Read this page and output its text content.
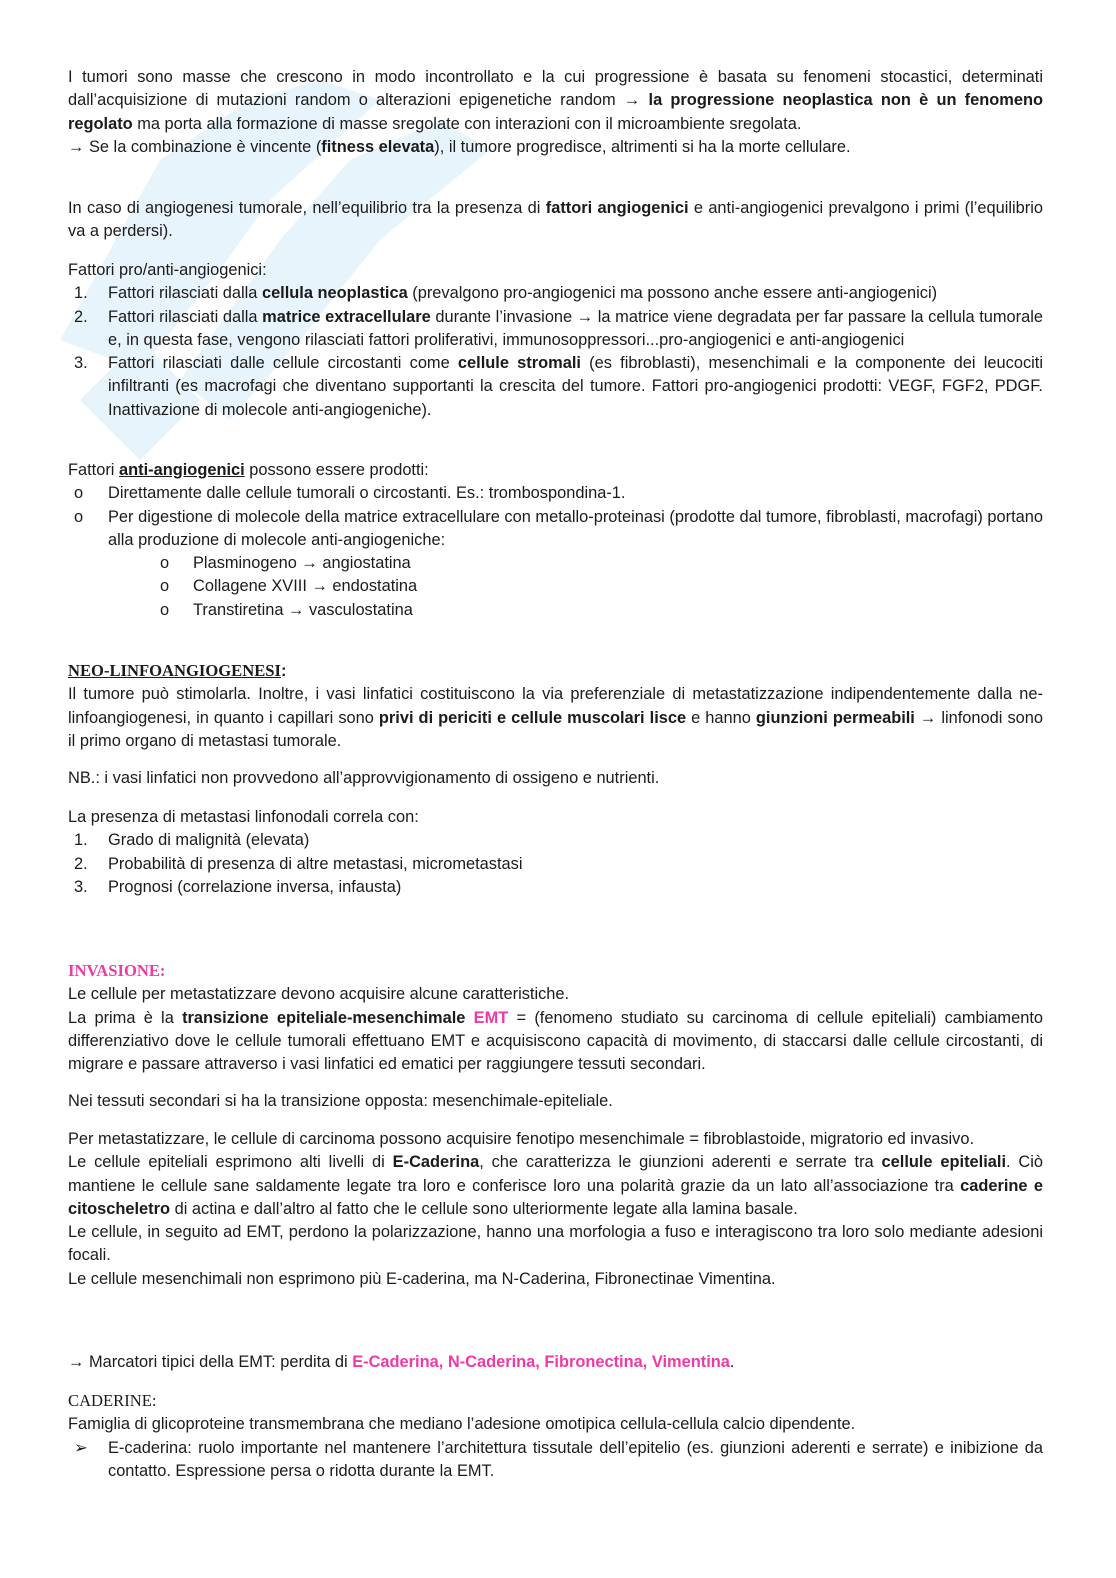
I tumori sono masse che crescono in modo incontrollato e la cui progressione è basata su fenomeni stocastici, determinati dall’acquisizione di mutazioni random o alterazioni epigenetiche random → la progressione neoplastica non è un fenomeno regolato ma porta alla formazione di masse sregolate con interazioni con il microambiente sregolata.

→ Se la combinazione è vincente (fitness elevata), il tumore progredisce, altrimenti si ha la morte cellulare.

In caso di angiogenesi tumorale, nell’equilibrio tra la presenza di fattori angiogenici e anti-angiogenici prevalgono i primi (l’equilibrio va a perdersi).

Fattori pro/anti-angiogenici:

1. Fattori rilasciati dalla cellula neoplastica (prevalgono pro-angiogenici ma possono anche essere anti-angiogenici)
2. Fattori rilasciati dalla matrice extracellulare durante l’invasione → la matrice viene degradata per far passare la cellula tumorale e, in questa fase, vengono rilasciati fattori proliferativi, immunosoppressori...pro-angiogenici e anti-angiogenici
3. Fattori rilasciati dalle cellule circostanti come cellule stromali (es fibroblasti), mesenchimali e la componente dei leucociti infiltranti (es macrofagi che diventano supportanti la crescita del tumore. Fattori pro-angiogenici prodotti: VEGF, FGF2, PDGF. Inattivazione di molecole anti-angiogeniche).

Fattori anti-angiogenici possono essere prodotti:

o Direttamente dalle cellule tumorali o circostanti. Es.: trombospondina-1.
o Per digestione di molecole della matrice extracellulare con metallo-proteinasi (prodotte dal tumore, fibroblasti, macrofagi) portano alla produzione di molecole anti-angiogeniche:
o Plasminogeno → angiostatina
o Collagene XVIII → endostatina
o Transtiretina → vasculostatina

NEO-LINFOANGIOGENESI:

Il tumore può stimolarla. Inoltre, i vasi linfatici costituiscono la via preferenziale di metastatizzazione indipendentemente dalla ne-linfoangiogenesi, in quanto i capillari sono privi di periciti e cellule muscolari lisce e hanno giunzioni permeabili → linfonodi sono il primo organo di metastasi tumorale.

NB.: i vasi linfatici non provvedono all’approvvigionamento di ossigeno e nutrienti.

La presenza di metastasi linfonodali correla con:

1. Grado di malignità (elevata)
2. Probabilità di presenza di altre metastasi, micrometastasi
3. Prognosi (correlazione inversa, infausta)

INVASIONE:

Le cellule per metastatizzare devono acquisire alcune caratteristiche.

La prima è la transizione epiteliale-mesenchimale EMT = (fenomeno studiato su carcinoma di cellule epiteliali) cambiamento differenziativo dove le cellule tumorali effettuano EMT e acquisiscono capacità di movimento, di staccarsi dalle cellule circostanti, di migrare e passare attraverso i vasi linfatici ed ematici per raggiungere tessuti secondari.

Nei tessuti secondari si ha la transizione opposta: mesenchimale-epiteliale.

Per metastatizzare, le cellule di carcinoma possono acquisire fenotipo mesenchimale = fibroblastoide, migratorio ed invasivo.

Le cellule epiteliali esprimono alti livelli di E-Caderina, che caratterizza le giunzioni aderenti e serrate tra cellule epiteliali. Ciò mantiene le cellule sane saldamente legate tra loro e conferisce loro una polarità grazie da un lato all’associazione tra caderine e citoscheletro di actina e dall’altro al fatto che le cellule sono ulteriormente legate alla lamina basale.

Le cellule, in seguito ad EMT, perdono la polarizzazione, hanno una morfologia a fuso e interagiscono tra loro solo mediante adesioni focali.

Le cellule mesenchimali non esprimono più E-caderina, ma N-Caderina, Fibronectinae Vimentina.

→ Marcatori tipici della EMT: perdita di E-Caderina, N-Caderina, Fibronectina, Vimentina.

CADERINE:

Famiglia di glicoproteine transmembrana che mediano l’adesione omotipica cellula-cellula calcio dipendente.

➢ E-caderina: ruolo importante nel mantenere l’architettura tissutale dell’epitelio (es. giunzioni aderenti e serrate) e inibizione da contatto. Espressione persa o ridotta durante la EMT.
